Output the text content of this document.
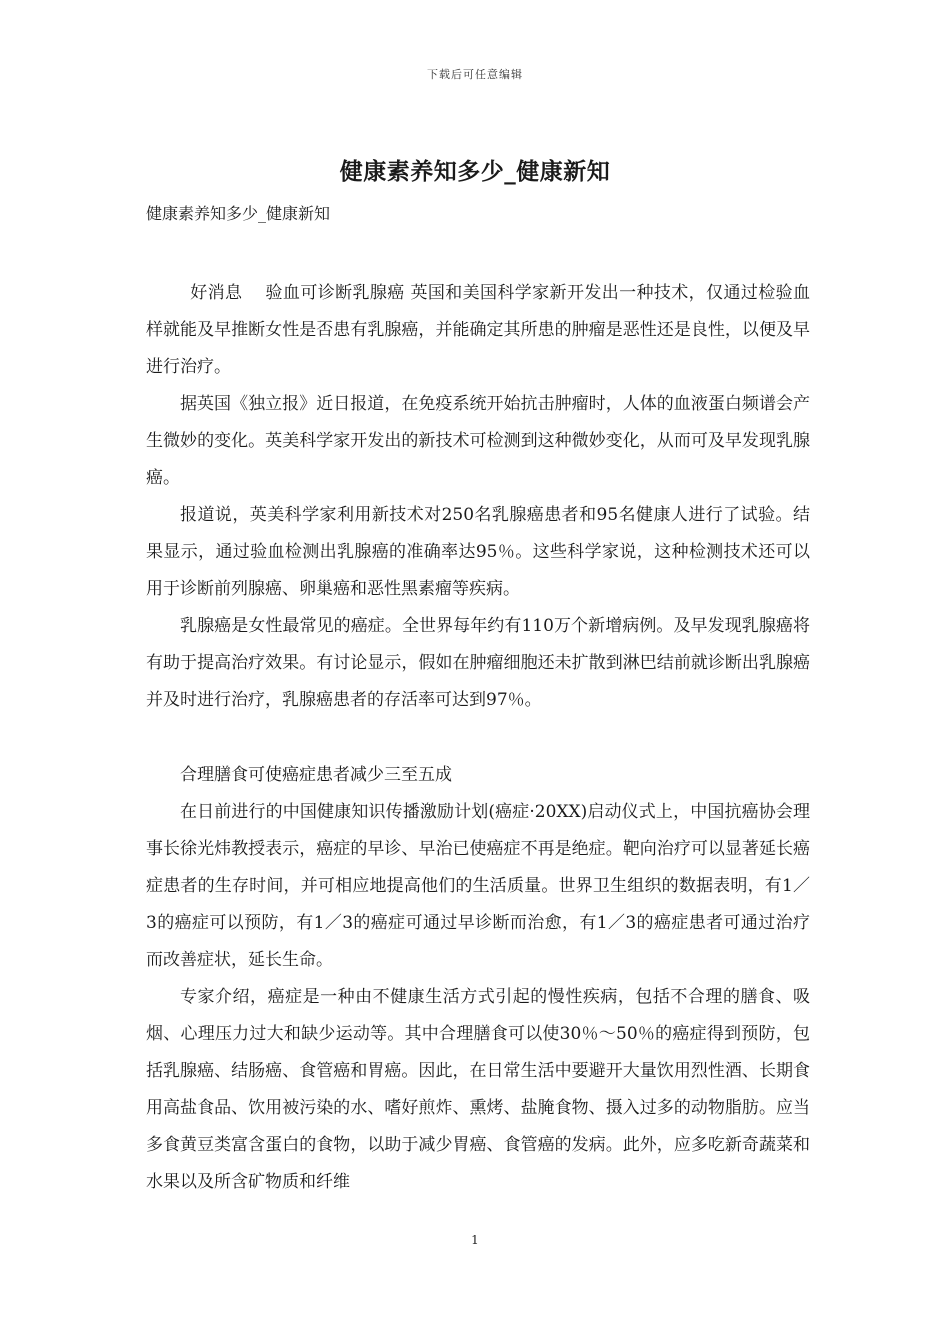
下载后可任意编辑
健康素养知多少_健康新知

健康素养知多少_健康新知

好消息　 验血可诊断乳腺癌 英国和美国科学家新开发出一种技术，仅通过检验血样就能及早推断女性是否患有乳腺癌，并能确定其所患的肿瘤是恶性还是良性，以便及早进行治疗。

据英国《独立报》近日报道，在免疫系统开始抗击肿瘤时，人体的血液蛋白频谱会产生微妙的变化。英美科学家开发出的新技术可检测到这种微妙变化，从而可及早发现乳腺癌。

报道说，英美科学家利用新技术对250名乳腺癌患者和95名健康人进行了试验。结果显示，通过验血检测出乳腺癌的准确率达95％。这些科学家说，这种检测技术还可以用于诊断前列腺癌、卵巢癌和恶性黑素瘤等疾病。

乳腺癌是女性最常见的癌症。全世界每年约有110万个新增病例。及早发现乳腺癌将有助于提高治疗效果。有讨论显示，假如在肿瘤细胞还未扩散到淋巴结前就诊断出乳腺癌并及时进行治疗，乳腺癌患者的存活率可达到97％。

合理膳食可使癌症患者减少三至五成

在日前进行的中国健康知识传播激励计划(癌症·20XX)启动仪式上，中国抗癌协会理事长徐光炜教授表示，癌症的早诊、早治已使癌症不再是绝症。靶向治疗可以显著延长癌症患者的生存时间，并可相应地提高他们的生活质量。世界卫生组织的数据表明，有1／3的癌症可以预防，有1／3的癌症可通过早诊断而治愈，有1／3的癌症患者可通过治疗而改善症状，延长生命。

专家介绍，癌症是一种由不健康生活方式引起的慢性疾病，包括不合理的膳食、吸烟、心理压力过大和缺少运动等。其中合理膳食可以使30％～50％的癌症得到预防，包括乳腺癌、结肠癌、食管癌和胃癌。因此，在日常生活中要避开大量饮用烈性酒、长期食用高盐食品、饮用被污染的水、嗜好煎炸、熏烤、盐腌食物、摄入过多的动物脂肪。应当多食黄豆类富含蛋白的食物，以助于减少胃癌、食管癌的发病。此外，应多吃新奇蔬菜和水果以及所含矿物质和纤维

1
